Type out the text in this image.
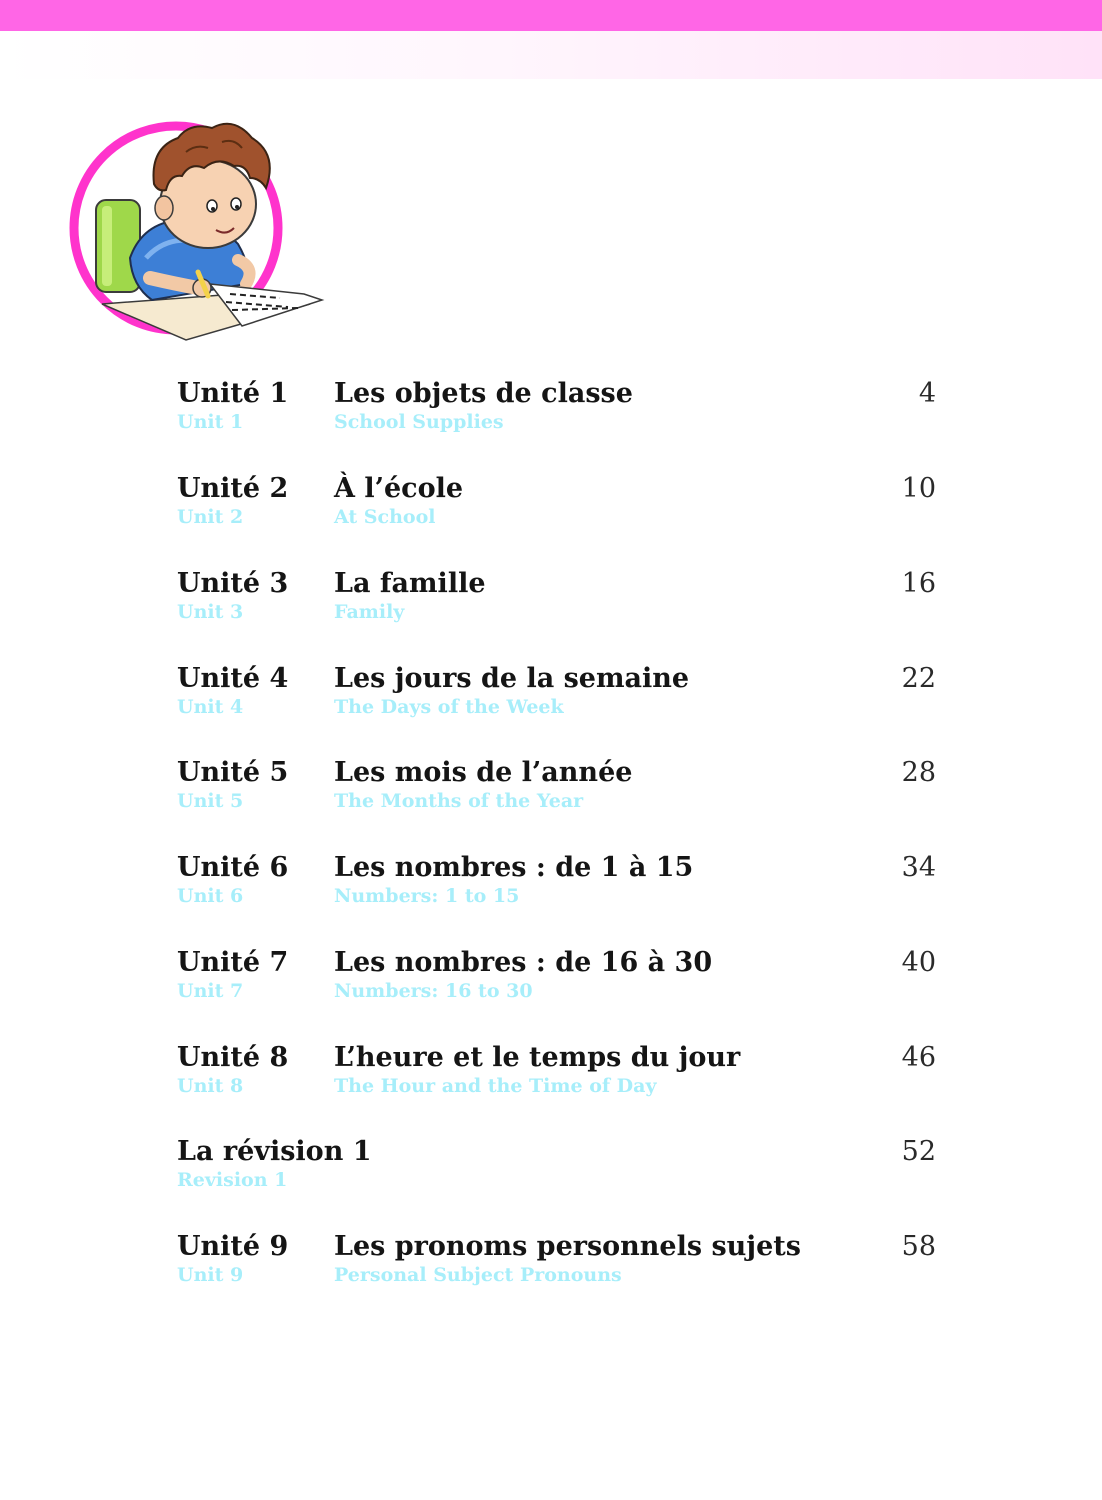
Unité 1 Les objets de classe	4
Unit 1	School Supplies
Unité 2 À l’école	10
Unit 2	At School
Unité 3 La famille	16
Unit 3	Family
Unité 4 Les jours de la semaine	22
Unit 4	The Days of the Week
Unité 5 Les mois de l’année	28
Unit 5	The Months of the Year
Unité 6 Les nombres : de 1 à 15	34
Unit 6	Numbers: 1 to 15
Unité 7 Les nombres : de 16 à 30	40
Unit 7	Numbers: 16 to 30
Unité 8 L’heure et le temps du jour	46
Unit 8	The Hour and the Time of Day
La révision 1	52
Revision 1
Unité 9 Les pronoms personnels sujets	58
Unit 9	Personal Subject Pronouns
